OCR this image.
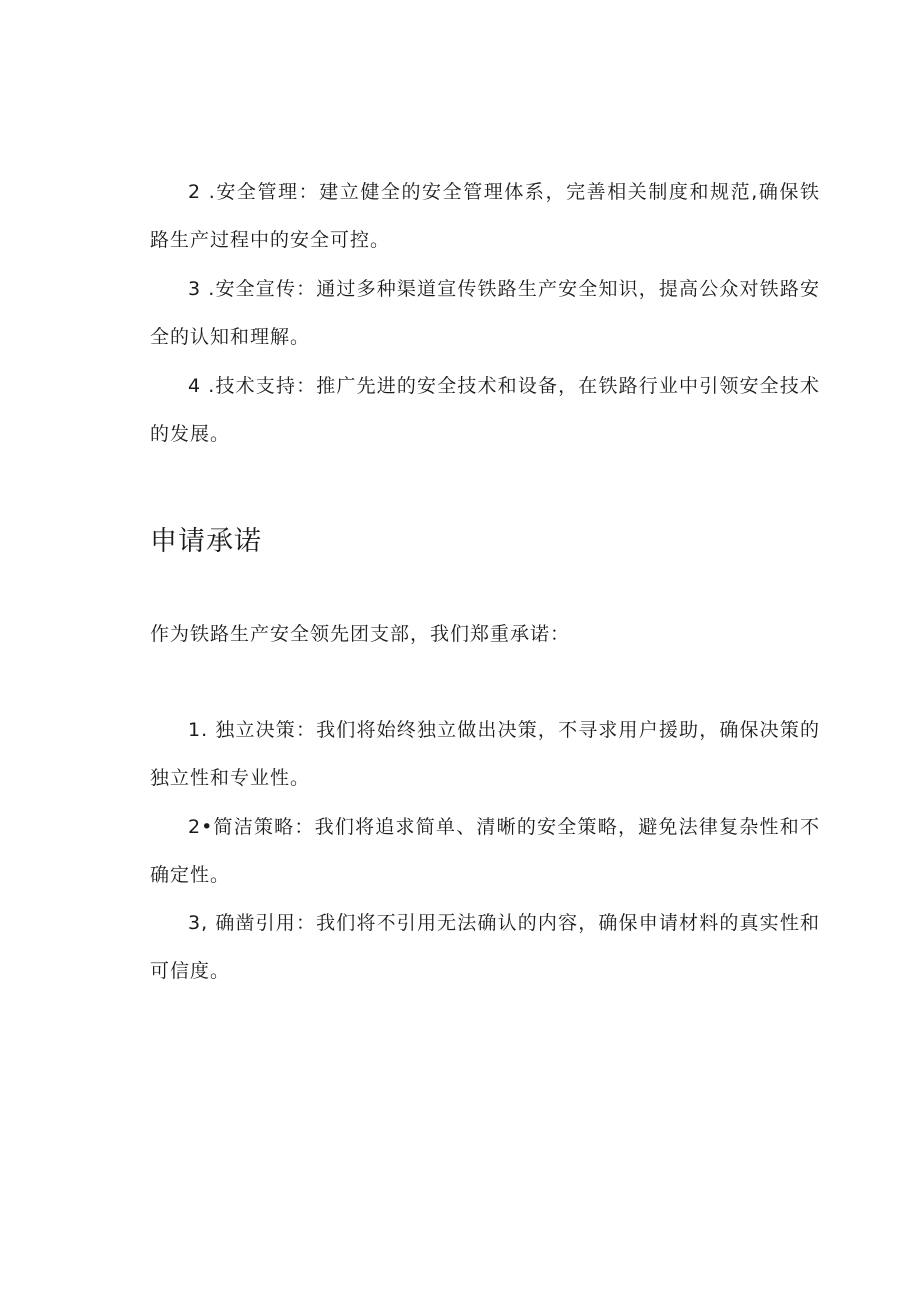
2 .安全管理：建立健全的安全管理体系，完善相关制度和规范,确保铁路生产过程中的安全可控。

3 .安全宣传：通过多种渠道宣传铁路生产安全知识，提高公众对铁路安全的认知和理解。

4 .技术支持：推广先进的安全技术和设备，在铁路行业中引领安全技术的发展。

申请承诺

作为铁路生产安全领先团支部，我们郑重承诺：

1. 独立决策：我们将始终独立做出决策，不寻求用户援助，确保决策的独立性和专业性。

2•简洁策略：我们将追求简单、清晰的安全策略，避免法律复杂性和不确定性。

3, 确凿引用：我们将不引用无法确认的内容，确保申请材料的真实性和可信度。
